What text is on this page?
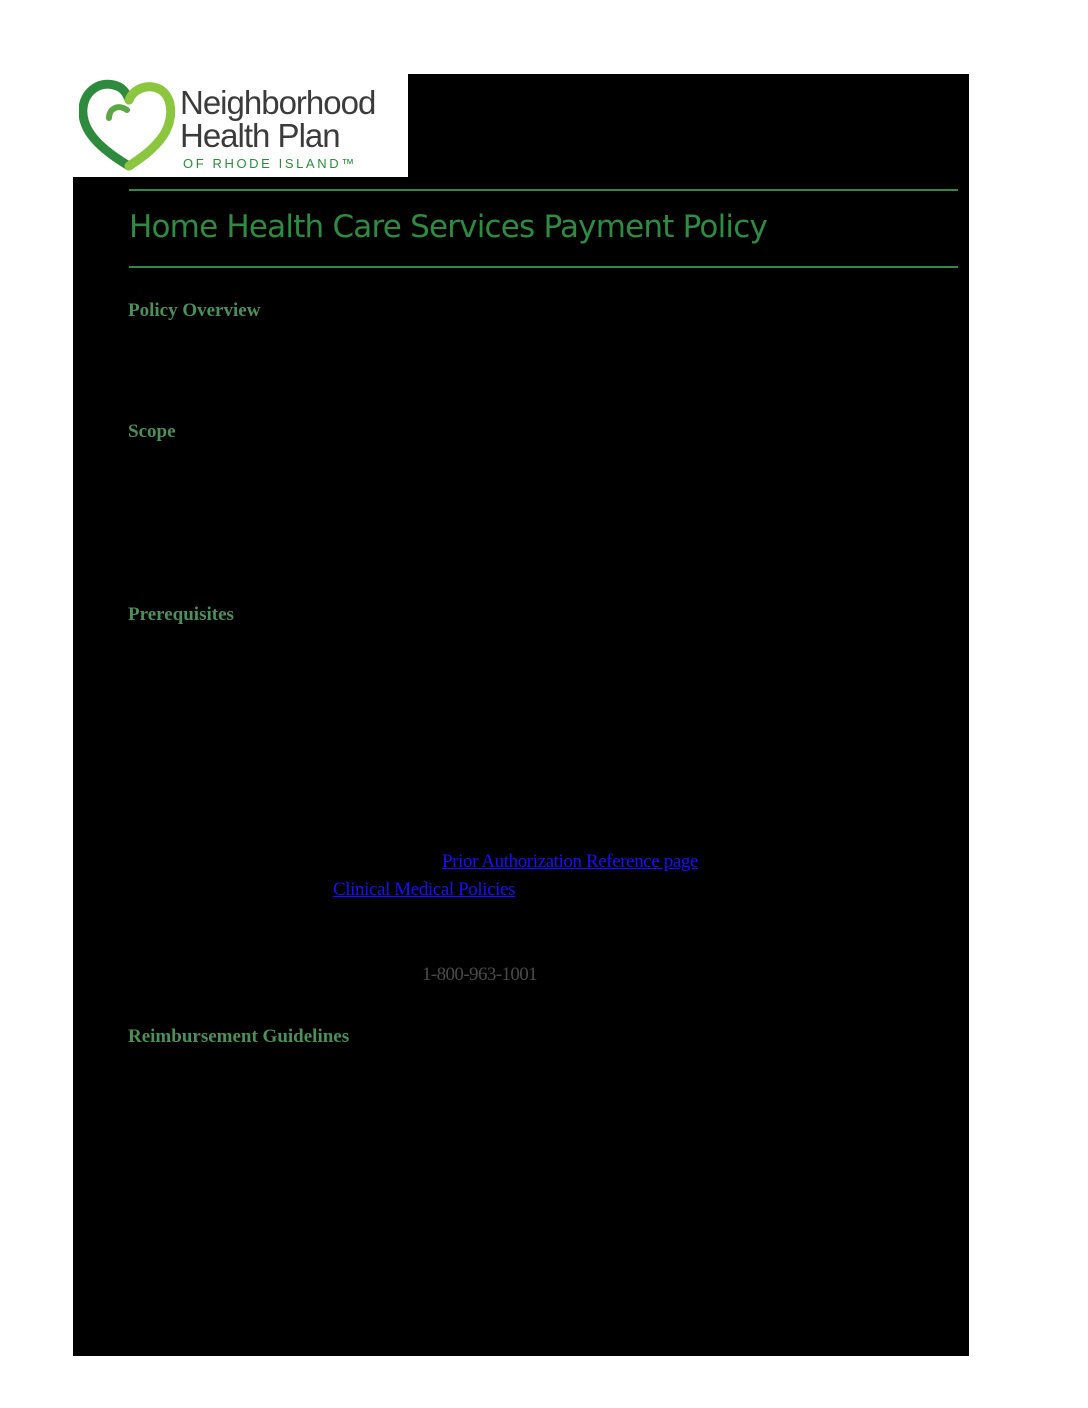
Neighborhood
Health Plan
OF RHODE ISLAND™
Home Health Care Services Payment Policy
Policy Overview
Scope
Prerequisites
Prior Authorization Reference page
Clinical Medical Policies
1-800-963-1001
Reimbursement Guidelines
